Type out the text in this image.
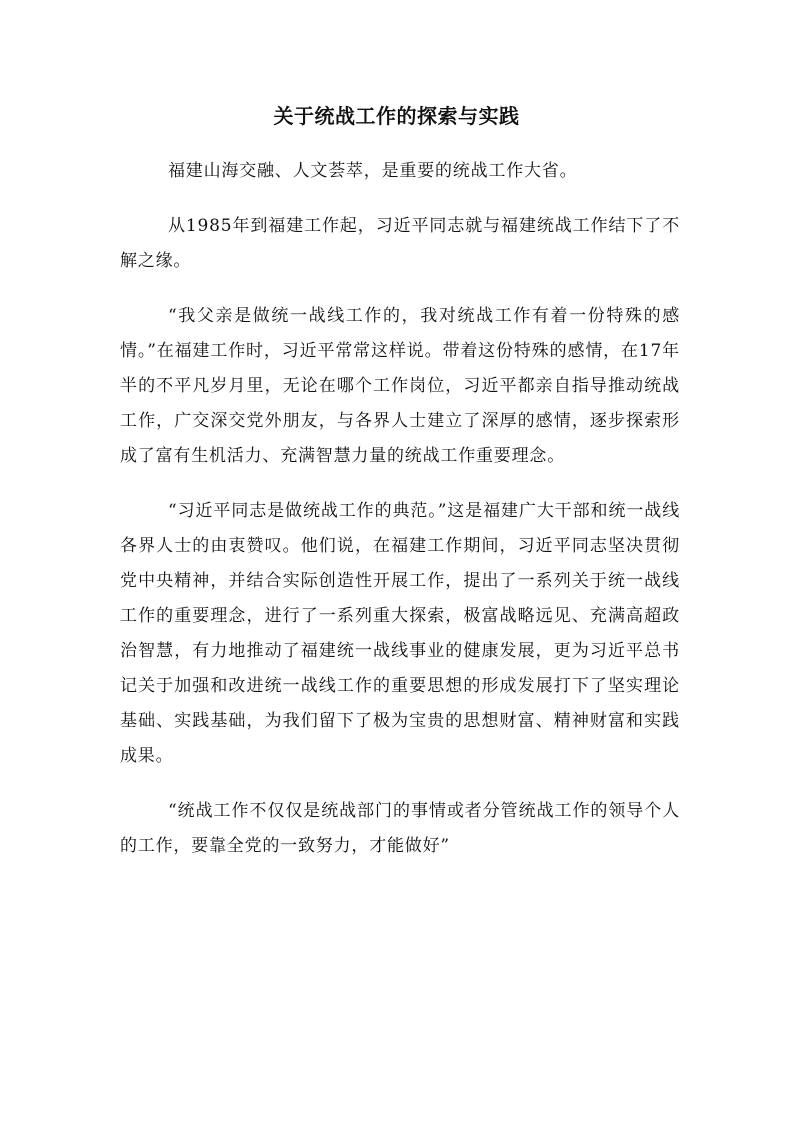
关于统战工作的探索与实践

福建山海交融、人文荟萃，是重要的统战工作大省。

从1985年到福建工作起，习近平同志就与福建统战工作结下了不解之缘。

“我父亲是做统一战线工作的，我对统战工作有着一份特殊的感情。”在福建工作时，习近平常常这样说。带着这份特殊的感情，在17年半的不平凡岁月里，无论在哪个工作岗位，习近平都亲自指导推动统战工作，广交深交党外朋友，与各界人士建立了深厚的感情，逐步探索形成了富有生机活力、充满智慧力量的统战工作重要理念。

“习近平同志是做统战工作的典范。”这是福建广大干部和统一战线各界人士的由衷赞叹。他们说，在福建工作期间，习近平同志坚决贯彻党中央精神，并结合实际创造性开展工作，提出了一系列关于统一战线工作的重要理念，进行了一系列重大探索，极富战略远见、充满高超政治智慧，有力地推动了福建统一战线事业的健康发展，更为习近平总书记关于加强和改进统一战线工作的重要思想的形成发展打下了坚实理论基础、实践基础，为我们留下了极为宝贵的思想财富、精神财富和实践成果。

“统战工作不仅仅是统战部门的事情或者分管统战工作的领导个人的工作，要靠全党的一致努力，才能做好”
